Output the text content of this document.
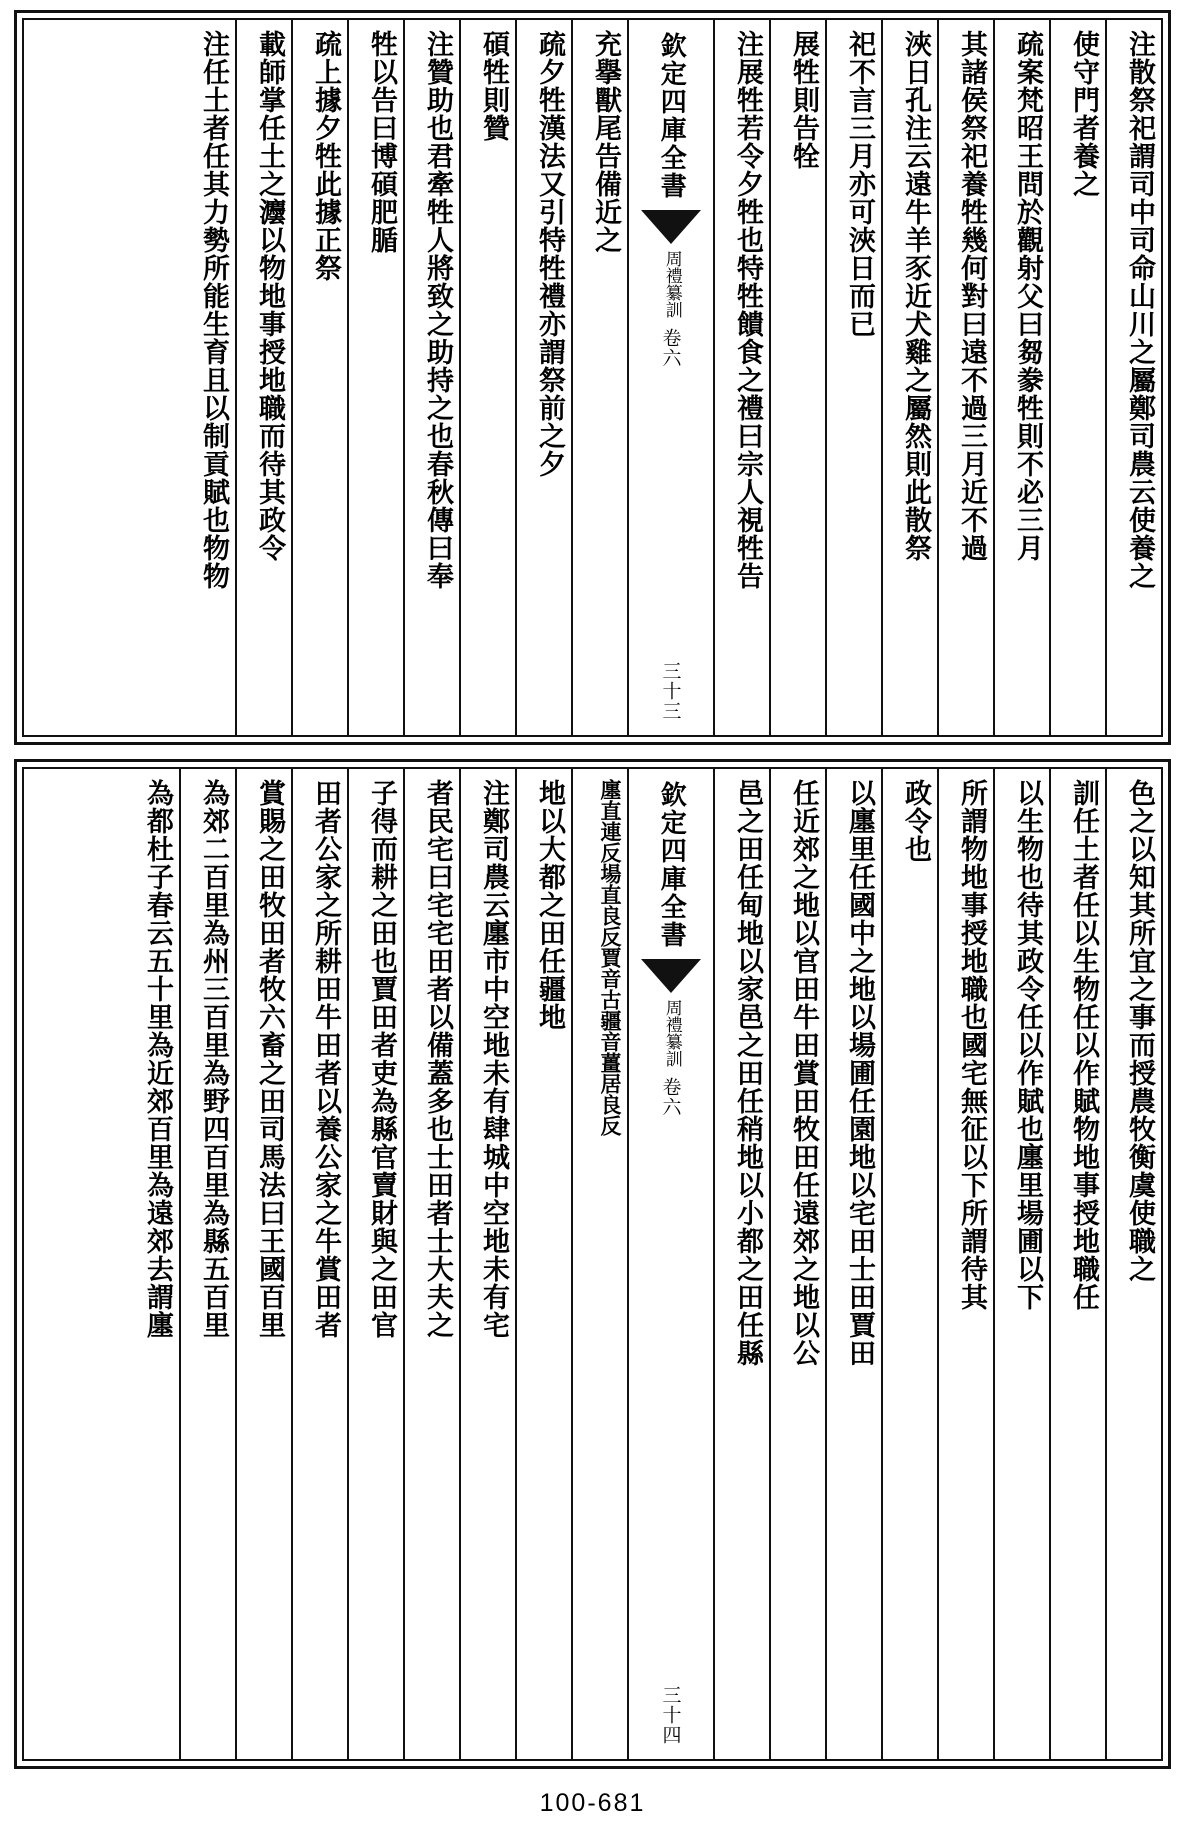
注散祭祀謂司中司命山川之屬鄭司農云使養之
使守門者養之
疏案梵昭王問於觀射父曰芻豢牲則不必三月
其諸侯祭祀養牲幾何對曰遠不過三月近不過
浹日孔注云遠牛羊豕近犬雞之屬然則此散祭
祀不言三月亦可浹日而已
展牲則告牷
注展牲若令夕牲也特牲饋食之禮曰宗人視牲告
欽定四庫全書
周禮纂訓
卷六
三十三
充擧獸尾告備近之
疏夕牲漢法又引特牲禮亦謂祭前之夕
碩牲則贊
注贊助也君牽牲人將致之助持之也春秋傳曰奉
牲以告曰博碩肥腯
疏上據夕牲此據正祭
載師掌任土之灋以物地事授地職而待其政令
注任土者任其力勢所能生育且以制貢賦也物物
色之以知其所宜之事而授農牧衡虞使職之
訓任土者任以生物任以作賦物地事授地職任
以生物也待其政令任以作賦也廛里場圃以下
所謂物地事授地職也國宅無征以下所謂待其
政令也
以廛里任國中之地以場圃任園地以宅田士田賈田
任近郊之地以官田牛田賞田牧田任遠郊之地以公
邑之田任甸地以家邑之田任稍地以小都之田任縣
欽定四庫全書
周禮纂訓
卷六
三十四
廛直連反場直良反賈音古疆音薑居良反
地以大都之田任疆地
注鄭司農云廛市中空地未有肆城中空地未有宅
者民宅曰宅宅田者以備蓋多也士田者士大夫之
子得而耕之田也賈田者吏為縣官賣財與之田官
田者公家之所耕田牛田者以養公家之牛賞田者
賞賜之田牧田者牧六畜之田司馬法曰王國百里
為郊二百里為州三百里為野四百里為縣五百里
為都杜子春云五十里為近郊百里為遠郊去謂廛
100-681
